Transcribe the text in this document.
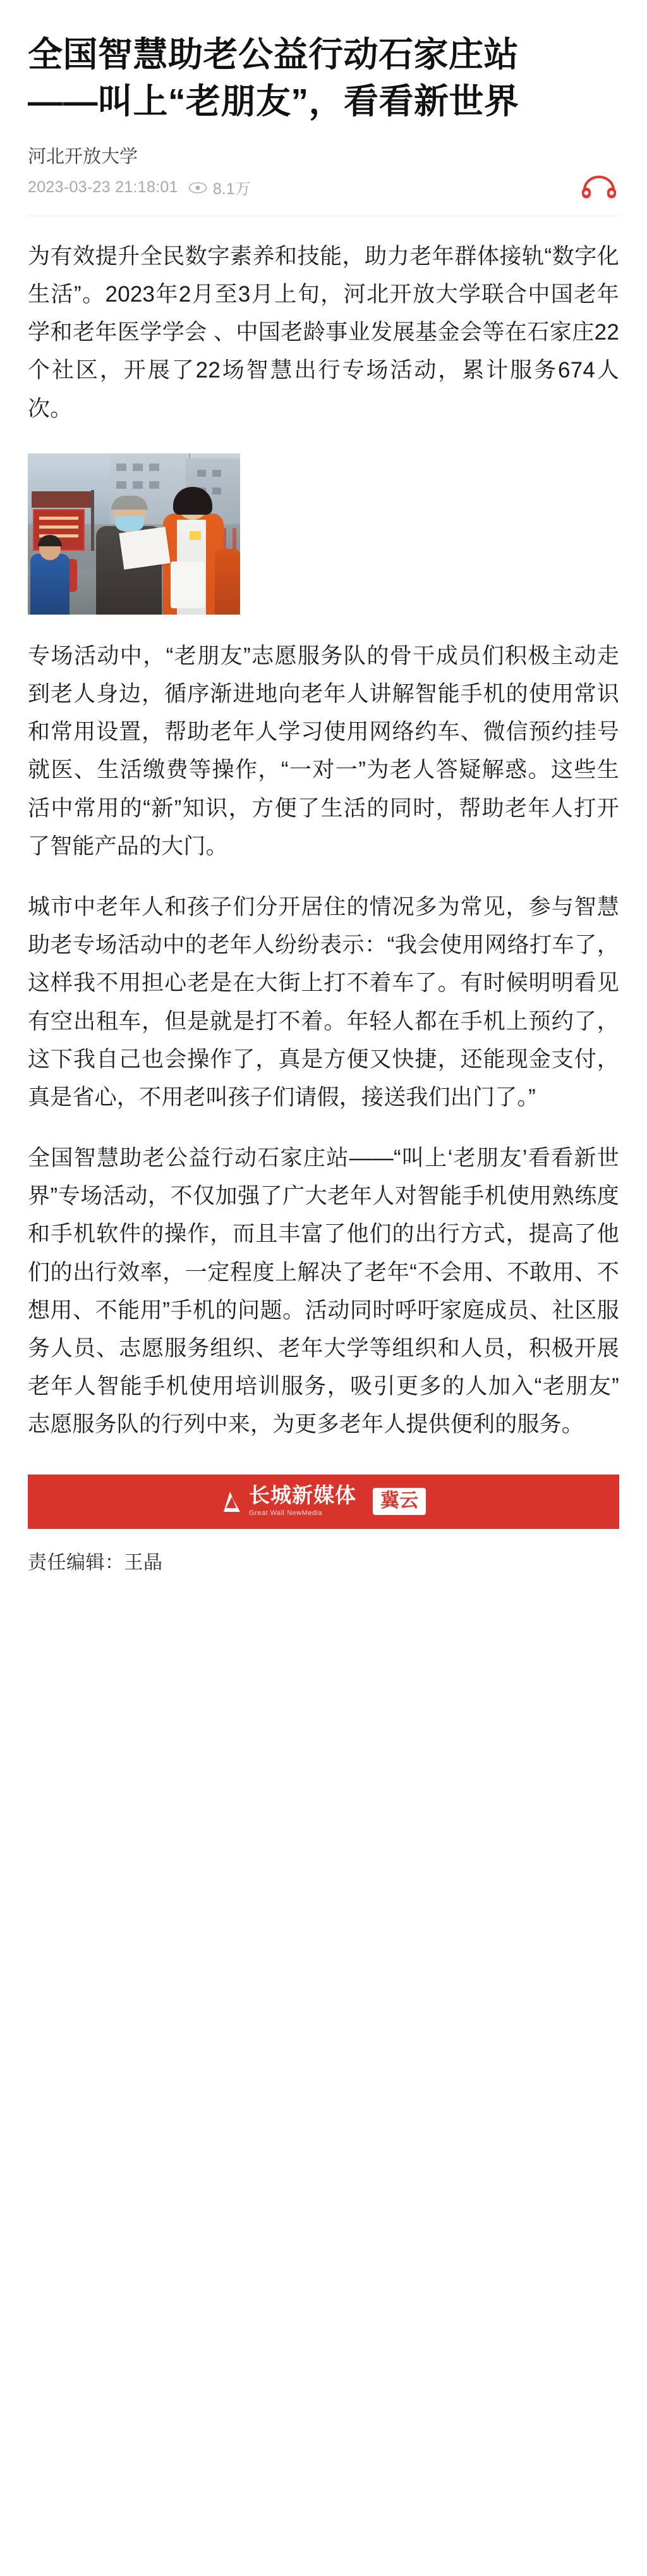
全国智慧助老公益行动石家庄站
——叫上“老朋友”，看看新世界
河北开放大学
2023-03-23 21:18:01 8.1万

为有效提升全民数字素养和技能，助力老年群体接轨“数字化生活”。2023年2月至3月上旬，河北开放大学联合中国老年学和老年医学学会 、中国老龄事业发展基金会等在石家庄22个社区，开展了22场智慧出行专场活动，累计服务674人次。

专场活动中，“老朋友”志愿服务队的骨干成员们积极主动走到老人身边，循序渐进地向老年人讲解智能手机的使用常识和常用设置，帮助老年人学习使用网络约车、微信预约挂号就医、生活缴费等操作，“一对一”为老人答疑解惑。这些生活中常用的“新”知识，方便了生活的同时，帮助老年人打开了智能产品的大门。

城市中老年人和孩子们分开居住的情况多为常见，参与智慧助老专场活动中的老年人纷纷表示：“我会使用网络打车了，这样我不用担心老是在大街上打不着车了。有时候明明看见有空出租车，但是就是打不着。年轻人都在手机上预约了，这下我自己也会操作了，真是方便又快捷，还能现金支付，真是省心，不用老叫孩子们请假，接送我们出门了。”

全国智慧助老公益行动石家庄站——“叫上‘老朋友’看看新世界”专场活动，不仅加强了广大老年人对智能手机使用熟练度和手机软件的操作，而且丰富了他们的出行方式，提高了他们的出行效率，一定程度上解决了老年“不会用、不敢用、不想用、不能用”手机的问题。活动同时呼吁家庭成员、社区服务人员、志愿服务组织、老年大学等组织和人员，积极开展老年人智能手机使用培训服务，吸引更多的人加入“老朋友”志愿服务队的行列中来，为更多老年人提供便利的服务。

长城新媒体
Great Wall NewMedia
冀云
责任编辑：王晶
